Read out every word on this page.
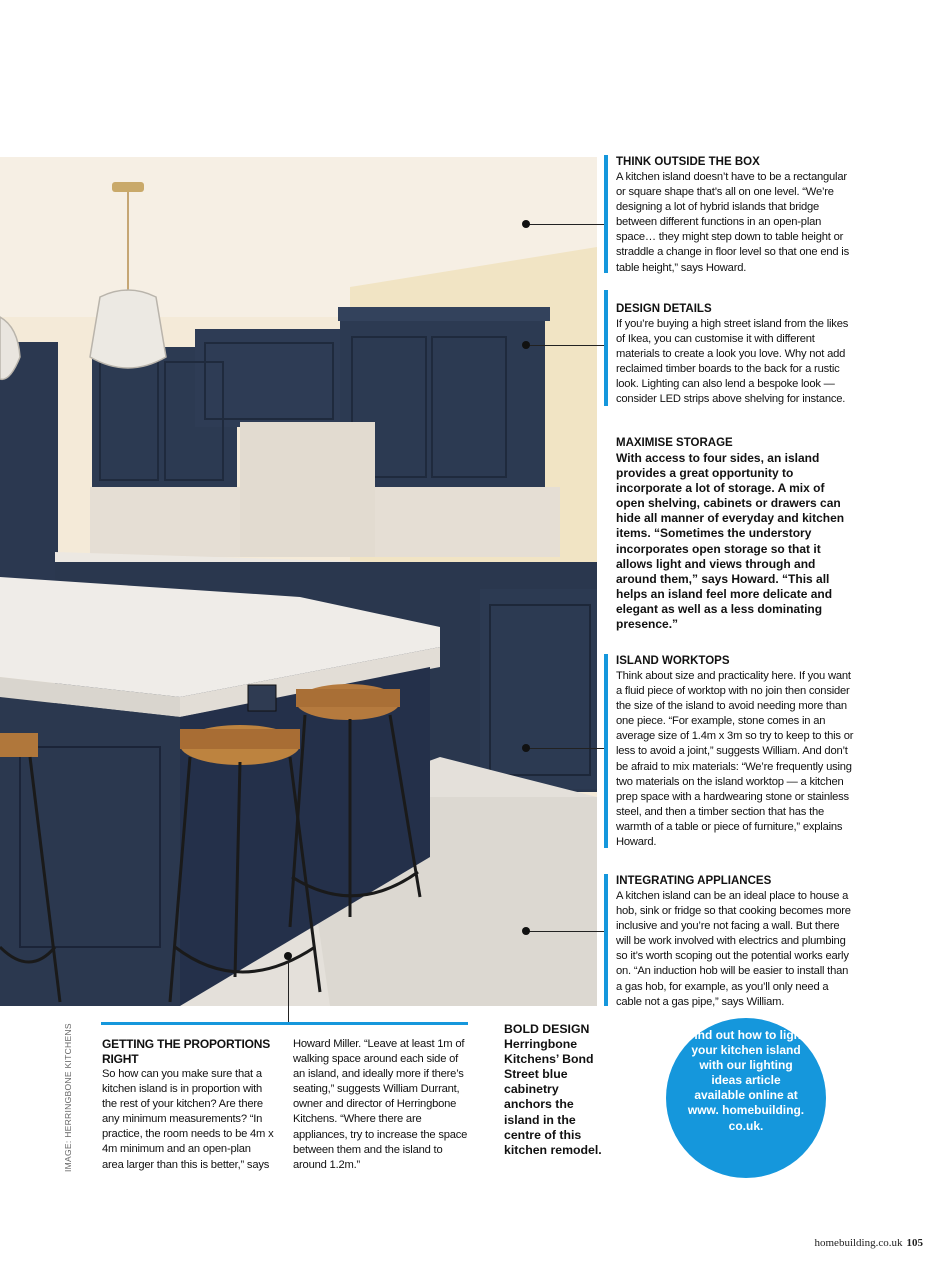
THINK OUTSIDE THE BOX

A kitchen island doesn’t have to be a rectangular or square shape that’s all on one level. “We’re designing a lot of hybrid islands that bridge between different functions in an open-plan space… they might step down to table height or straddle a change in floor level so that one end is table height,” says Howard.

DESIGN DETAILS

If you’re buying a high street island from the likes of Ikea, you can customise it with different materials to create a look you love. Why not add reclaimed timber boards to the back for a rustic look. Lighting can also lend a bespoke look — consider LED strips above shelving for instance.

MAXIMISE STORAGE

With access to four sides, an island provides a great opportunity to incorporate a lot of storage. A mix of open shelving, cabinets or drawers can hide all manner of everyday and kitchen items. “Sometimes the understory incorporates open storage so that it allows light and views through and around them,” says Howard. “This all helps an island feel more delicate and elegant as well as a less dominating presence.”

ISLAND WORKTOPS

Think about size and practicality here. If you want a fluid piece of worktop with no join then consider the size of the island to avoid needing more than one piece. “For example, stone comes in an average size of 1.4m x 3m so try to keep to this or less to avoid a joint,” suggests William. And don’t be afraid to mix materials: “We’re frequently using two materials on the island worktop — a kitchen prep space with a hardwearing stone or stainless steel, and then a timber section that has the warmth of a table or piece of furniture,” explains Howard.

INTEGRATING APPLIANCES

A kitchen island can be an ideal place to house a hob, sink or fridge so that cooking becomes more inclusive and you’re not facing a wall. But there will be work involved with electrics and plumbing so it’s worth scoping out the potential works early on. “An induction hob will be easier to install than a gas hob, for example, as you’ll only need a cable not a gas pipe,” says William.

IMAGE: HERRINGBONE KITCHENS GETTING THE PROPORTIONS RIGHT

So how can you make sure that a kitchen island is in proportion with the rest of your kitchen? Are there any minimum measurements? “In practice, the room needs to be 4m x 4m minimum and an open-plan area larger than this is better,” says

Howard Miller. “Leave at least 1m of walking space around each side of an island, and ideally more if there’s seating,” suggests William Durrant, owner and director of Herringbone Kitchens. “Where there are appliances, try to increase the space between them and the island to around 1.2m.”

BOLD DESIGN
Herringbone Kitchens’ Bond Street blue cabinetry anchors the island in the centre of this kitchen remodel.
Find out how to light your kitchen island with our lighting ideas article available online at www. homebuilding. co.uk.
homebuilding.co.uk 105
